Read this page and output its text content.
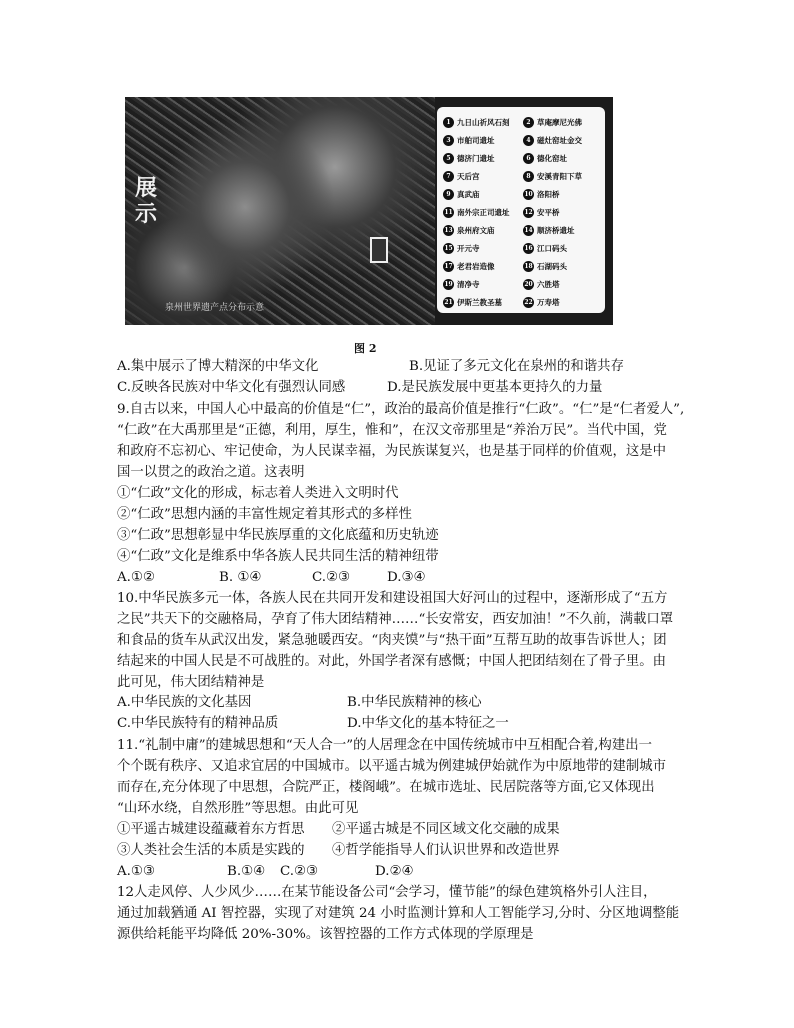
展示
泉州世界遗产点分布示意
1 九日山祈风石刻	2 草庵摩尼光佛
3 市舶司遗址	4 磁灶窑址金交
5 德济门遗址	6 德化窑址
7 天后宫	8 安溪青阳下草
9 真武庙	10 洛阳桥
11 南外宗正司遗址 12 安平桥
13 泉州府文庙	14 顺济桥遗址
15 开元寺	16 江口码头
17 老君岩造像	18 石湖码头
19 清净寺	20 六胜塔
21 伊斯兰教圣墓	22 万寿塔
图 2
A.集中展示了博大精深的中华文化	B.见证了多元文化在泉州的和谐共存
C.反映各民族对中华文化有强烈认同感	D.是民族发展中更基本更持久的力量
9.自古以来，中国人心中最高的价值是“仁”，政治的最高价值是推行“仁政”。“仁”是“仁者爱人”,
“仁政”在大禹那里是“正德，利用，厚生，惟和”，在汉文帝那里是“养治万民”。当代中国，党
和政府不忘初心、牢记使命，为人民谋幸福，为民族谋复兴，也是基于同样的价值观，这是中
国一以贯之的政治之道。这表明
①“仁政”文化的形成，标志着人类进入文明时代
②“仁政”思想内涵的丰富性规定着其形式的多样性
③“仁政”思想彰显中华民族厚重的文化底蕴和历史轨迹
④“仁政”文化是维系中华各族人民共同生活的精神纽带
A.①②	B. ①④	C.②③	D.③④
10.中华民族多元一体，各族人民在共同开发和建设祖国大好河山的过程中，逐渐形成了“五方
之民”共天下的交融格局，孕育了伟大团结精神……“长安常安，西安加油！”不久前，满載口罩
和食品的货车从武汉出发，紧急驰暖西安。“肉夹馍”与“热干面”互帮互助的故事告诉世人；团
结起来的中国人民是不可战胜的。对此，外国学者深有感慨；中国人把团结刻在了骨子里。由
此可见，伟大团结精神是
A.中华民族的文化基因	B.中华民族精神的核心
C.中华民族特有的精神品质	D.中华文化的基本特征之一
11.“礼制中庸”的建城思想和“天人合一”的人居理念在中国传统城市中互相配合着,构建出一
个个既有秩序、又追求宜居的中国城市。以平遥古城为例建城伊始就作为中原地带的建制城市
而存在,充分体现了中思想，合院严正，楼阁峨”。在城市选址、民居院落等方面,它又体现出
“山环水绕，自然形胜”等思想。由此可见
①平遥古城建设蕴藏着东方哲思 ②平遥古城是不同区域文化交融的成果
③人类社会生活的本质是实践的 ④哲学能指导人们认识世界和改造世界
A.①③	B.①④ C.②③	D.②④
12人走风停、人少风少……在某节能设备公司“会学习，懂节能”的绿色建筑格外引人注目，
通过加载猶通 AI 智控器，实现了对建筑 24 小时监测计算和人工智能学习,分时、分区地调整能
源供给耗能平均降低 20%-30%。该智控器的工作方式体现的学原理是
